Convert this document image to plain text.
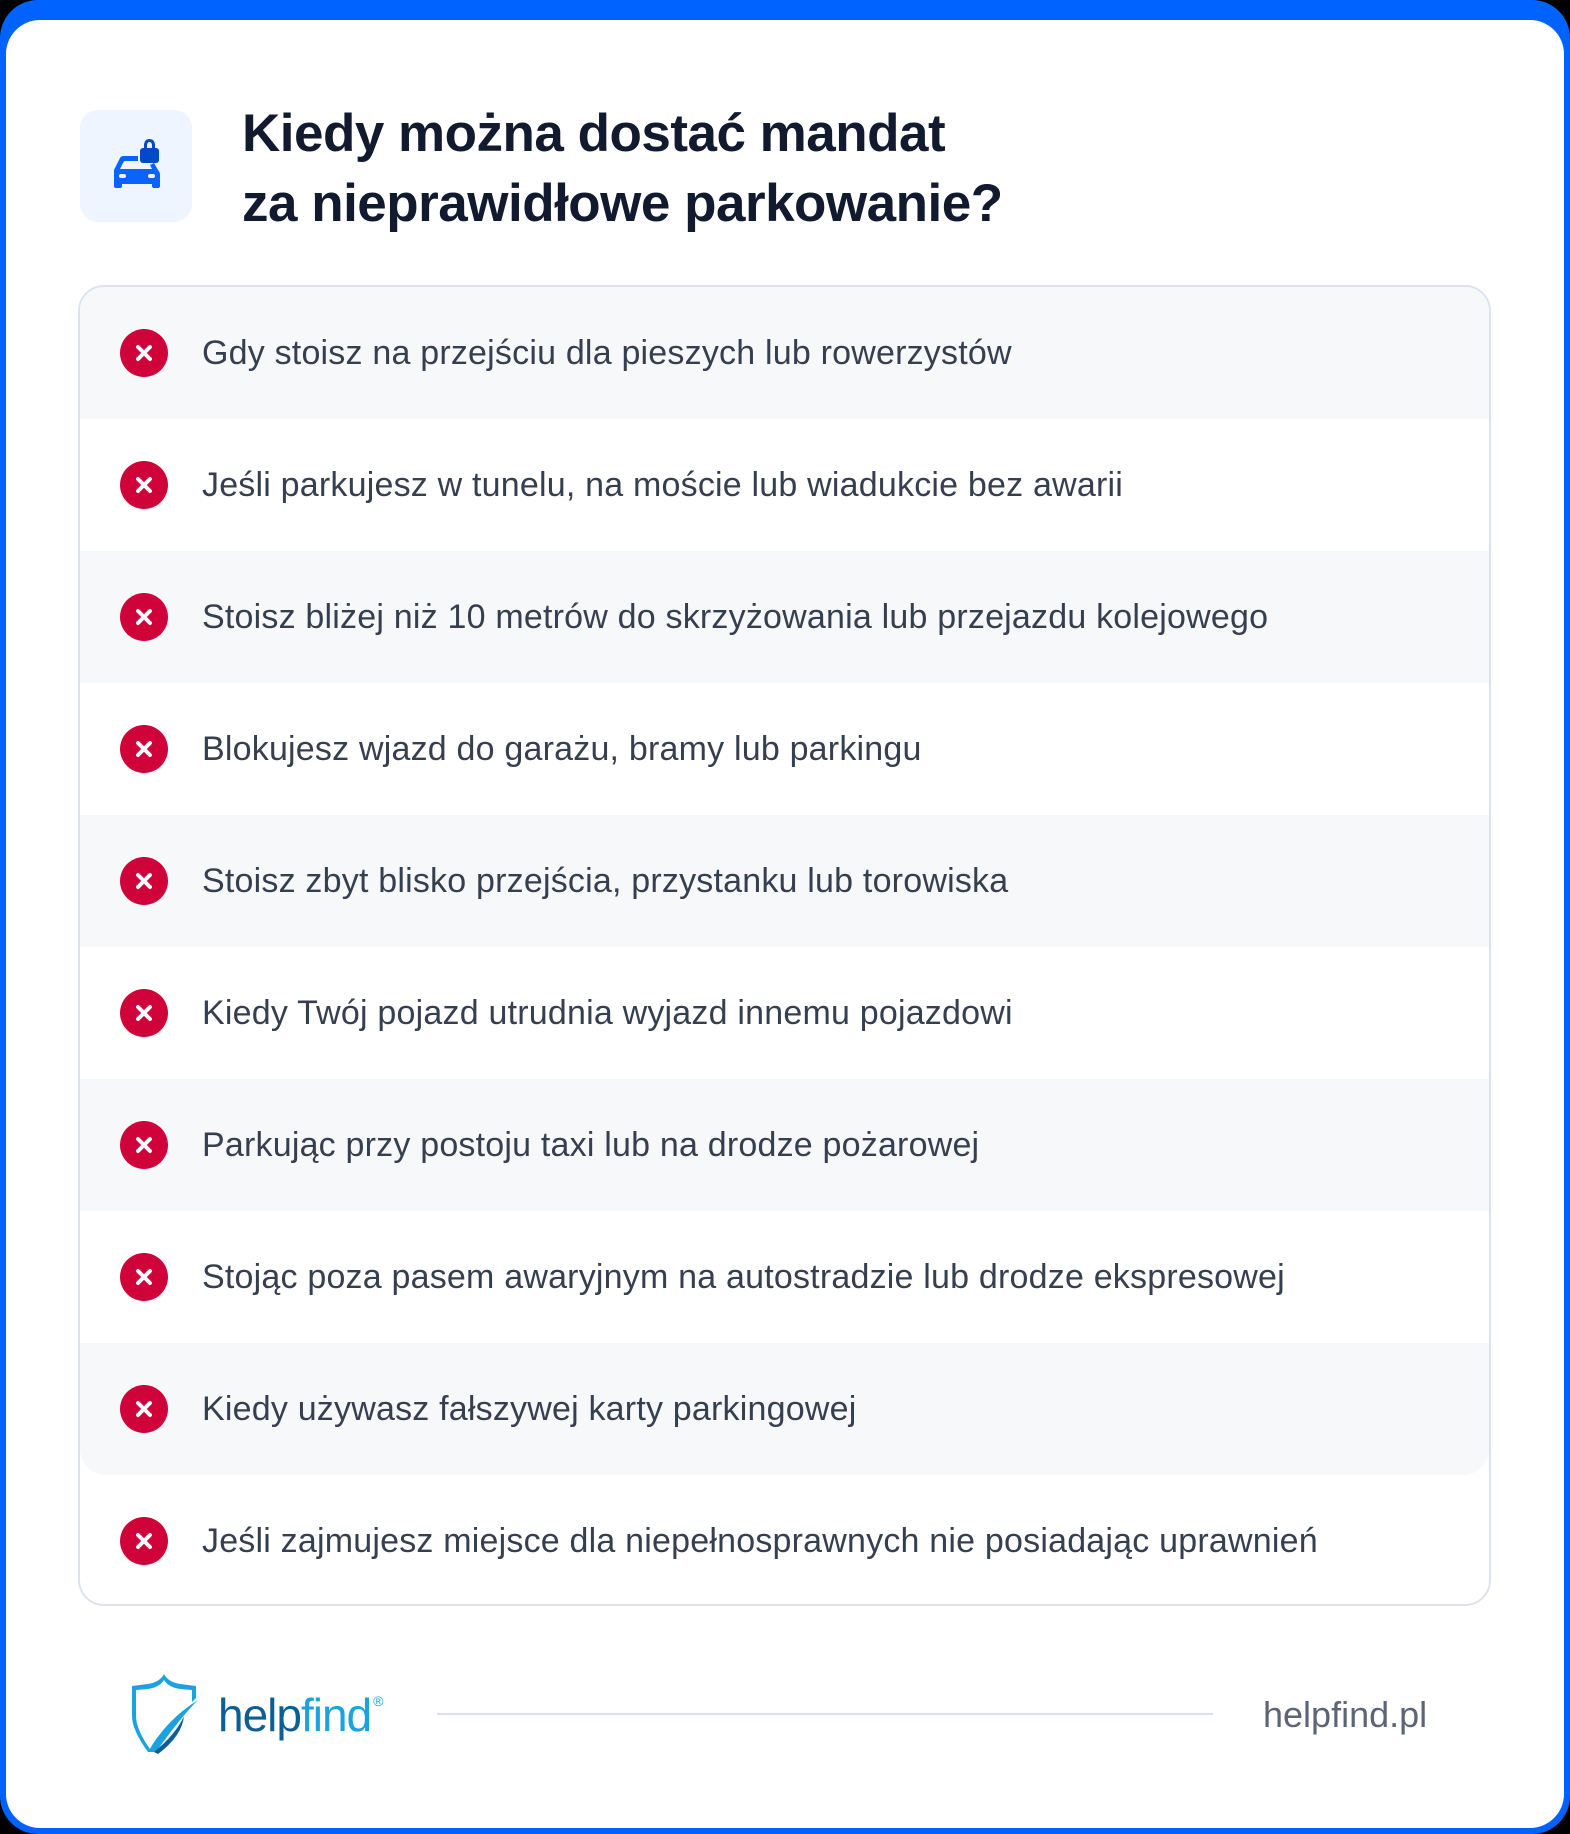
Kiedy można dostać mandat
za nieprawidłowe parkowanie?
Gdy stoisz na przejściu dla pieszych lub rowerzystów
Jeśli parkujesz w tunelu, na moście lub wiadukcie bez awarii
Stoisz bliżej niż 10 metrów do skrzyżowania lub przejazdu kolejowego
Blokujesz wjazd do garażu, bramy lub parkingu
Stoisz zbyt blisko przejścia, przystanku lub torowiska
Kiedy Twój pojazd utrudnia wyjazd innemu pojazdowi
Parkując przy postoju taxi lub na drodze pożarowej
Stojąc poza pasem awaryjnym na autostradzie lub drodze ekspresowej
Kiedy używasz fałszywej karty parkingowej
Jeśli zajmujesz miejsce dla niepełnosprawnych nie posiadając uprawnień
helpfind ®	helpfind.pl
